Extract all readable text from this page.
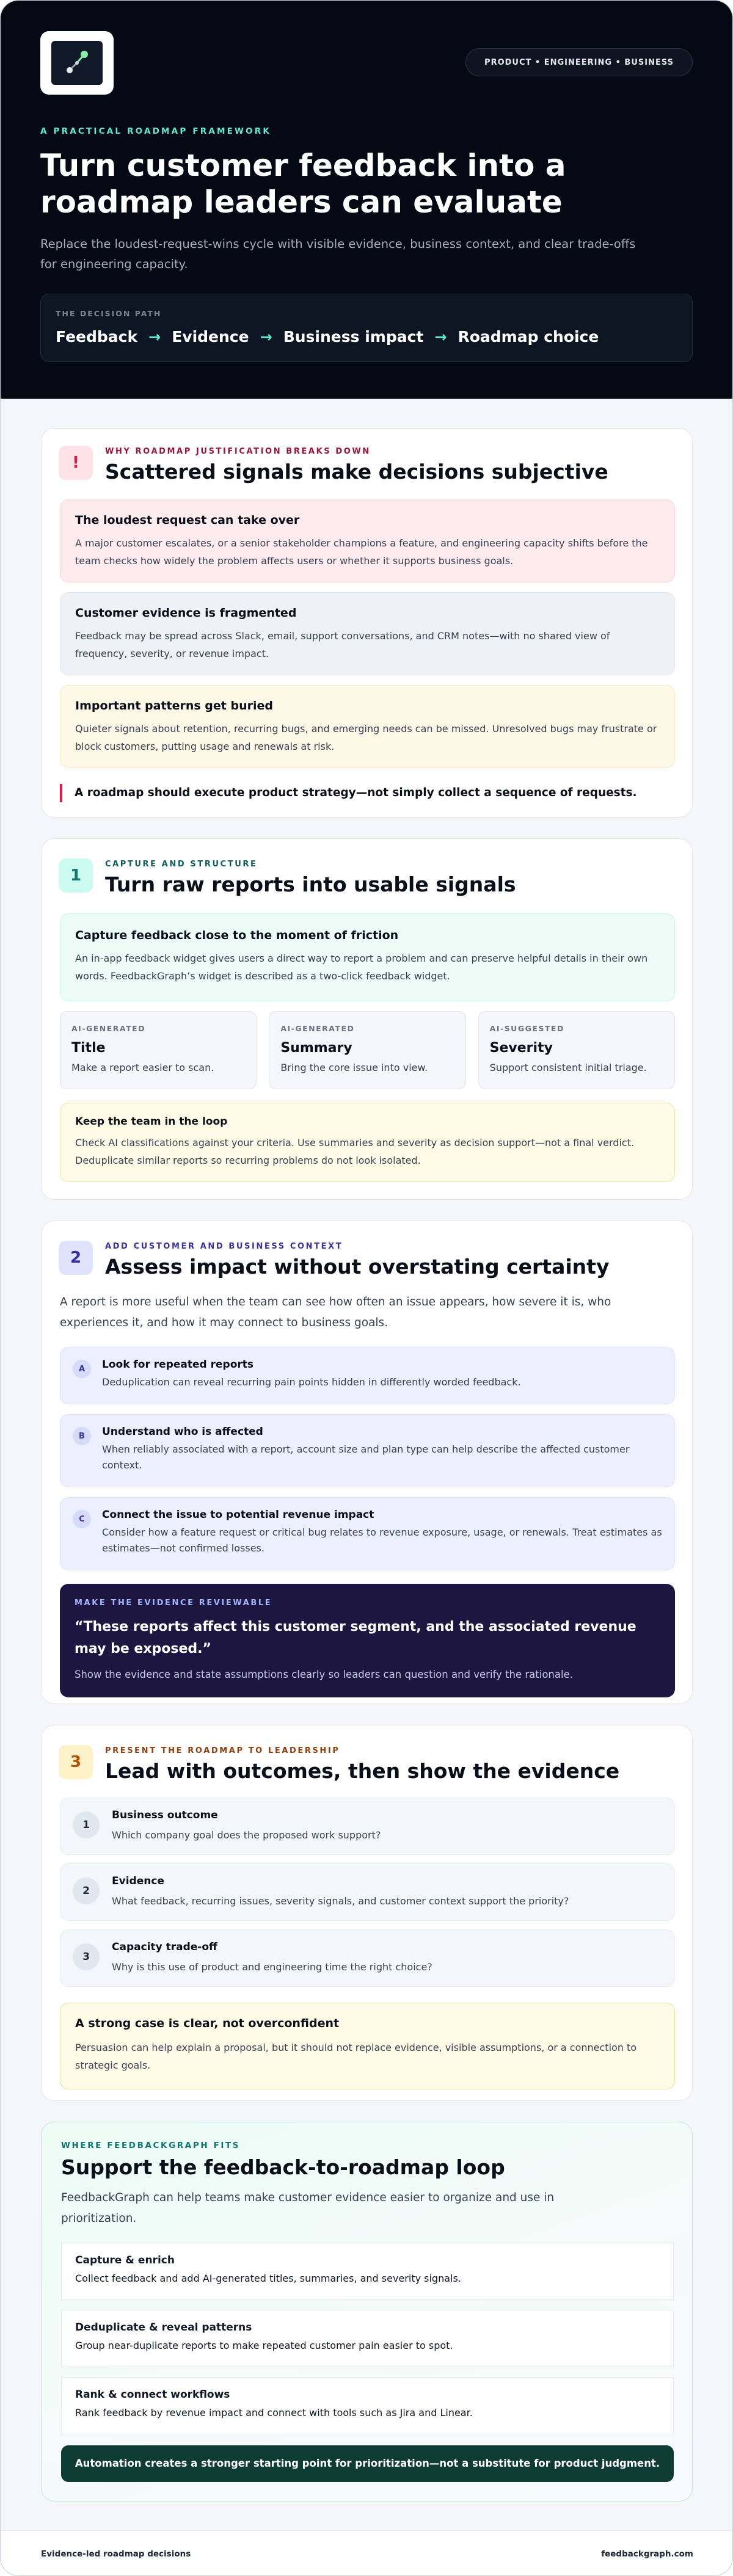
PRODUCT • ENGINEERING • BUSINESS
A PRACTICAL ROADMAP FRAMEWORK
Turn customer feedback into a roadmap leaders can evaluate
Replace the loudest-request-wins cycle with visible evidence, business context, and clear trade-offs for engineering capacity.
THE DECISION PATH
Feedback → Evidence → Business impact → Roadmap choice
!
WHY ROADMAP JUSTIFICATION BREAKS DOWN
Scattered signals make decisions subjective
The loudest request can take over

A major customer escalates, or a senior stakeholder champions a feature, and engineering capacity shifts before the team checks how widely the problem affects users or whether it supports business goals.

Customer evidence is fragmented

Feedback may be spread across Slack, email, support conversations, and CRM notes—with no shared view of frequency, severity, or revenue impact.

Important patterns get buried

Quieter signals about retention, recurring bugs, and emerging needs can be missed. Unresolved bugs may frustrate or block customers, putting usage and renewals at risk.

A roadmap should execute product strategy—not simply collect a sequence of requests.
1
CAPTURE AND STRUCTURE
Turn raw reports into usable signals
Capture feedback close to the moment of friction

An in-app feedback widget gives users a direct way to report a problem and can preserve helpful details in their own words. FeedbackGraph’s widget is described as a two-click feedback widget.

AI-GENERATED
Title
Make a report easier to scan.
AI-GENERATED
Summary
Bring the core issue into view.
AI-SUGGESTED
Severity
Support consistent initial triage.
Keep the team in the loop

Check AI classifications against your criteria. Use summaries and severity as decision support—not a final verdict. Deduplicate similar reports so recurring problems do not look isolated.

2
ADD CUSTOMER AND BUSINESS CONTEXT
Assess impact without overstating certainty
A report is more useful when the team can see how often an issue appears, how severe it is, who experiences it, and how it may connect to business goals.
A	Look for repeated reports

Deduplication can reveal recurring pain points hidden in differently worded feedback.

B	Understand who is affected

When reliably associated with a report, account size and plan type can help describe the affected customer context.

C	Connect the issue to potential revenue impact

Consider how a feature request or critical bug relates to revenue exposure, usage, or renewals. Treat estimates as estimates—not confirmed losses.

MAKE THE EVIDENCE REVIEWABLE
“These reports affect this customer segment, and the associated revenue may be exposed.”
Show the evidence and state assumptions clearly so leaders can question and verify the rationale.
3
PRESENT THE ROADMAP TO LEADERSHIP
Lead with outcomes, then show the evidence
1
Business outcome

Which company goal does the proposed work support?

2
Evidence

What feedback, recurring issues, severity signals, and customer context support the priority?

3
Capacity trade-off

Why is this use of product and engineering time the right choice?

A strong case is clear, not overconfident

Persuasion can help explain a proposal, but it should not replace evidence, visible assumptions, or a connection to strategic goals.

WHERE FEEDBACKGRAPH FITS
Support the feedback-to-roadmap loop
FeedbackGraph can help teams make customer evidence easier to organize and use in prioritization.
Capture & enrich

Collect feedback and add AI-generated titles, summaries, and severity signals.

Deduplicate & reveal patterns

Group near-duplicate reports to make repeated customer pain easier to spot.

Rank & connect workflows

Rank feedback by revenue impact and connect with tools such as Jira and Linear.

Automation creates a stronger starting point for prioritization—not a substitute for product judgment.
Evidence-led roadmap decisions	feedbackgraph.com
